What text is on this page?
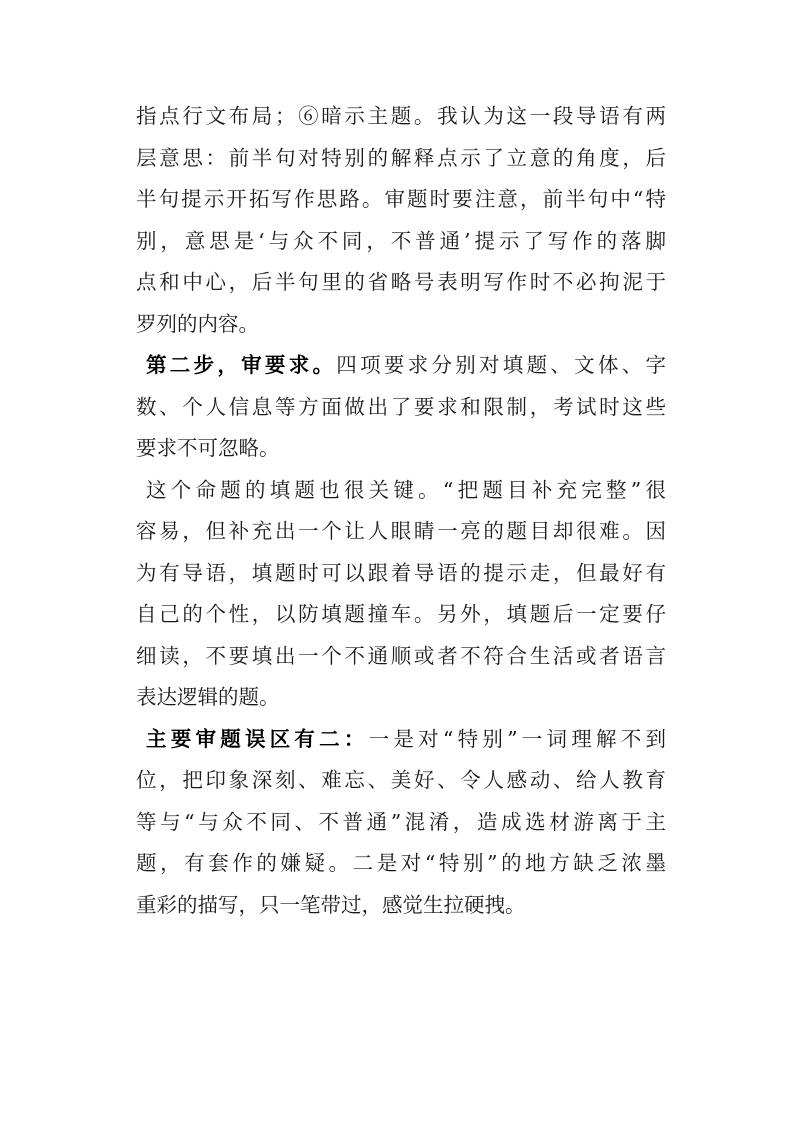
指点行文布局；⑥暗示主题。我认为这一段导语有两
层意思：前半句对特别的解释点示了立意的角度，后
半句提示开拓写作思路。审题时要注意，前半句中“特
别，意思是‘与众不同，不普通’提示了写作的落脚
点和中心，后半句里的省略号表明写作时不必拘泥于
罗列的内容。
第二步，审要求。四项要求分别对填题、文体、字
数、个人信息等方面做出了要求和限制，考试时这些
要求不可忽略。
这个命题的填题也很关键。“把题目补充完整”很
容易，但补充出一个让人眼睛一亮的题目却很难。因
为有导语，填题时可以跟着导语的提示走，但最好有
自己的个性，以防填题撞车。另外，填题后一定要仔
细读，不要填出一个不通顺或者不符合生活或者语言
表达逻辑的题。
主要审题误区有二：一是对“特别”一词理解不到
位，把印象深刻、难忘、美好、令人感动、给人教育
等与“与众不同、不普通”混淆，造成选材游离于主
题，有套作的嫌疑。二是对“特别”的地方缺乏浓墨
重彩的描写，只一笔带过，感觉生拉硬拽。
